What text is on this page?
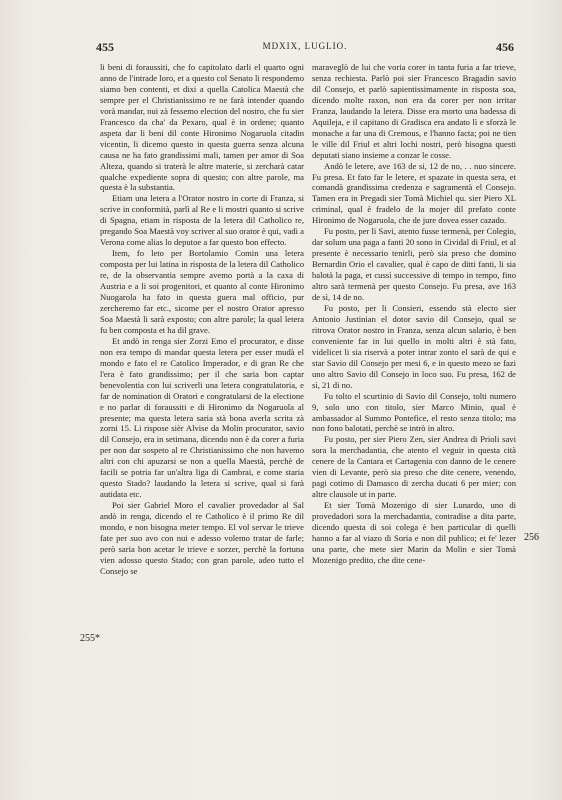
455	MDXIX, LUGLIO.	456
255*
256

li beni di foraussiti, che fo capitolato darli el quarto ogni anno de l'intrade loro, et a questo col Senato li respondemo siamo ben contenti, et dixi a quella Catolica Maestà che sempre per el Christianissimo re ne farà intender quando vorà mandar, nui zà fessemo election del nostro, che fu sier Francesco da cha' da Pexaro, qual è in ordene; quanto aspeta dar li beni dil conte Hironimo Nogaruola citadin vicentin, li dicemo questo in questa guerra senza alcuna causa ne ha fato grandissimi mali, tamen per amor di Soa Alteza, quando si traterà le altre materie, si zercharà catar qualche expediente sopra di questo; con altre parole, ma questa è la substantia.

Etiam una letera a l'Orator nostro in corte di Franza, si scrive in conformità, parlì al Re e li mostri quanto si scrive di Spagna, etiam in risposta de la letera dil Catholico re, pregando Soa Maestà voy scriver al suo orator è qui, vadi a Verona come alias lo deputoe a far questo bon effecto.

Item, fo leto per Bortolamio Comin una letera composta per lui latina in risposta de la letera dil Catholico re, de la observantia sempre avemo portà a la caxa di Austria e a li soi progenitori, et quanto al conte Hironimo Nuogarola ha fato in questa guera mal officio, pur zercheremo far etc., sicome per el nostro Orator apresso Soa Maestà li sarà exposto; con altre parole; la qual letera fu ben composta et ha dil grave.

Et andò in renga sier Zorzi Emo el procurator, e disse non era tempo di mandar questa letera per esser mudà el mondo e fato el re Catolico Imperador, e di gran Re che l'era è fato grandissimo; per il che saria bon captar benevolentia con lui scriverli una letera congratulatoria, e far de nomination di Oratori e congratularsi de la electione e no parlar di foraussiti e di Hironimo da Nogaruola al presente; ma questa letera saria stà bona averla scrita zà zorni 15. Li rispose sièr Alvise da Molin procurator, savio dil Consejo, era in setimana, dicendo non è da corer a furia per non dar sospeto al re Christianissimo che non havemo altri con chi apuzarsi se non a quella Maestà, perchè de facili se potria far un'altra liga di Cambrai, e come staria questo Stado? laudando la letera si scrive, qual si farà autidata etc.

Poi sier Gabriel Moro el cavalier provedador al Sal andò in renga, dicendo el re Catholico è il primo Re dil mondo, e non bisogna meter tempo. El vol servar le trieve fate per suo avo con nui e adesso volemo tratar de farle; però saria bon acetar le trieve e sorzer, perchè la fortuna vien adosso questo Stado; con gran parole, adeo tutto el Consejo se

maraveglò de lui che voria corer in tanta furia a far trieve, senza rechiesta. Parlò poi sier Francesco Bragadin savio dil Consejo, et parlò sapientissimamente in risposta soa, dicendo molte raxon, non era da corer per non irritar Franza, laudando la letera. Disse era morto una badessa di Aquileja, e il capitano di Gradisca era andato lì e sforzà le monache a far una di Cremous, e l'hanno facta; poi ne tien le ville dil Friul et altri lochi nostri, però bisogna questi deputati siano insieme a conzar le cosse.

Andò le letere, ave 163 de si, 12 de no, . . nuo sincere. Fu presa. Et fato far le letere, et spazate in questa sera, et comandà grandissima credenza e sagramentà el Consejo. Tamen era in Pregadi sier Tomà Michiel qu. sier Piero XL criminal, qual è fradelo de la mojer dil prefato conte Hironimo de Nogaruola, che de jure dovea esser cazado.

Fu posto, per li Savi, atento fusse termenà, per Colegio, dar solum una paga a fanti 20 sono in Cividal di Friul, et al presente è necessario tenirli, però sia preso che domino Bernardin Orio el cavalier, qual è capo de ditti fanti, li sia balotà la paga, et cussì successive di tempo in tempo, fino altro sarà termenà per questo Consejo. Fu presa, ave 163 de sì, 14 de no.

Fu posto, per li Consieri, essendo stà electo sier Antonio Justinian el dotor savio dil Consejo, qual se ritrova Orator nostro in Franza, senza alcun salario, è ben conveniente far in lui quello in molti altri è stà fato, videlicet li sia riservà a poter intrar zonto el sarà de qui e star Savio dil Consejo per mesi 6, e in questo mezo se fazi uno altro Savio dil Consejo in loco suo. Fu presa, 162 de sì, 21 di no.

Fu tolto el scurtinio di Savio dil Consejo, tolti numero 9, solo uno con titolo, sier Marco Minio, qual è ambassador al Summo Pontefice, el resto senza titolo; ma non fono balotati, perchè se intrò in altro.

Fu posto, per sier Piero Zen, sier Andrea di Prioli savi sora la merchadantia, che atento el veguir in questa cità cenere de la Cantara et Cartagenia con danno de le cenere vien di Levante, però sia preso che dite cenere, venendo, pagi cotimo di Damasco di zercha ducati 6 per mier; con altre clausole ut in parte.

Et sier Tomà Mozenigo di sier Lunardo, uno di provedadori sora la merchadantia, contradise a dita parte, dicendo questa di soi colega è ben particular di quelli hanno a far al viazo di Soria e non dil publico; et fe' lezer una parte, che mete sier Marin da Molin e sier Tomà Mozenigo predito, che dite cene-
